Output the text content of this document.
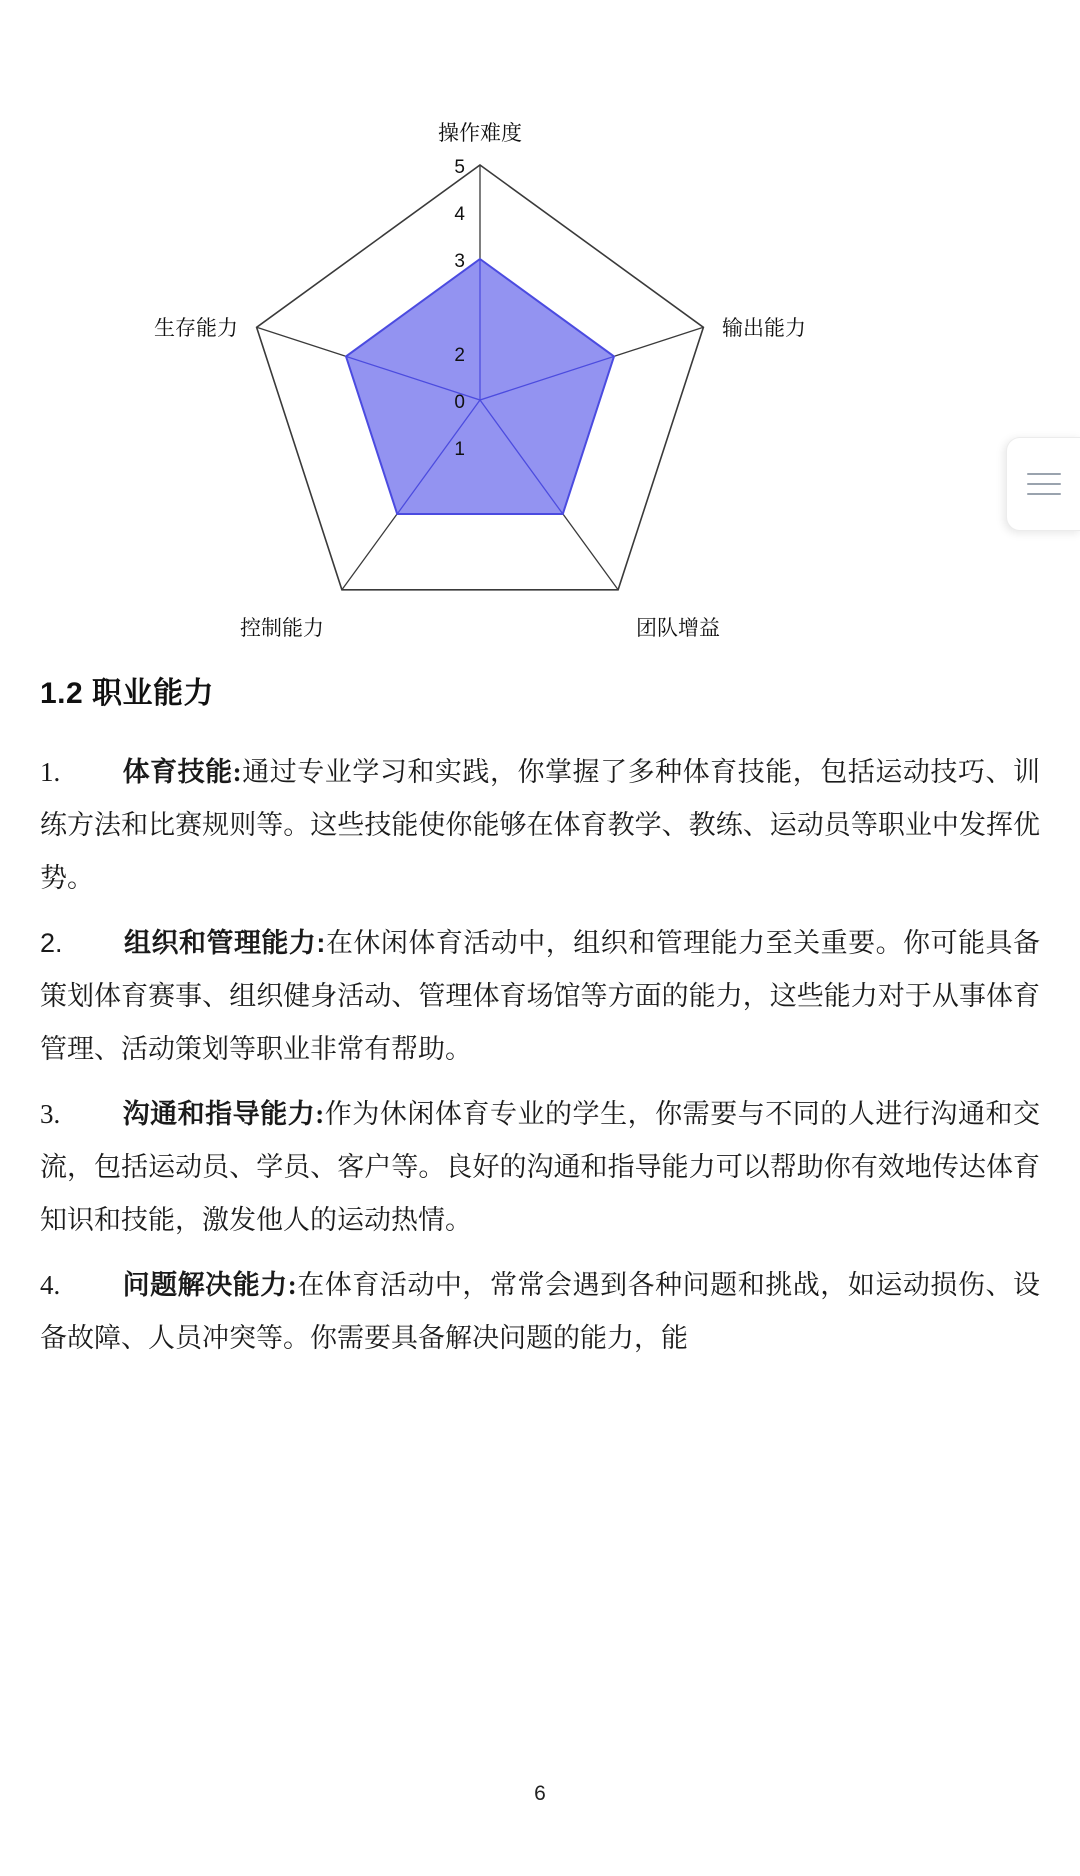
0
1
2
3
4
5
操作难度
输出能力
团队增益
控制能力
生存能力
1.2 职业能力

1. 体育技能:通过专业学习和实践，你掌握了多种体育技能，包括运动技巧、训练方法和比赛规则等。这些技能使你能够在体育教学、教练、运动员等职业中发挥优势。

2. 组织和管理能力:在休闲体育活动中，组织和管理能力至关重要。你可能具备策划体育赛事、组织健身活动、管理体育场馆等方面的能力，这些能力对于从事体育管理、活动策划等职业非常有帮助。

3. 沟通和指导能力:作为休闲体育专业的学生，你需要与不同的人进行沟通和交流，包括运动员、学员、客户等。良好的沟通和指导能力可以帮助你有效地传达体育知识和技能，激发他人的运动热情。

4. 问题解决能力:在体育活动中，常常会遇到各种问题和挑战，如运动损伤、设备故障、人员冲突等。你需要具备解决问题的能力，能

6
